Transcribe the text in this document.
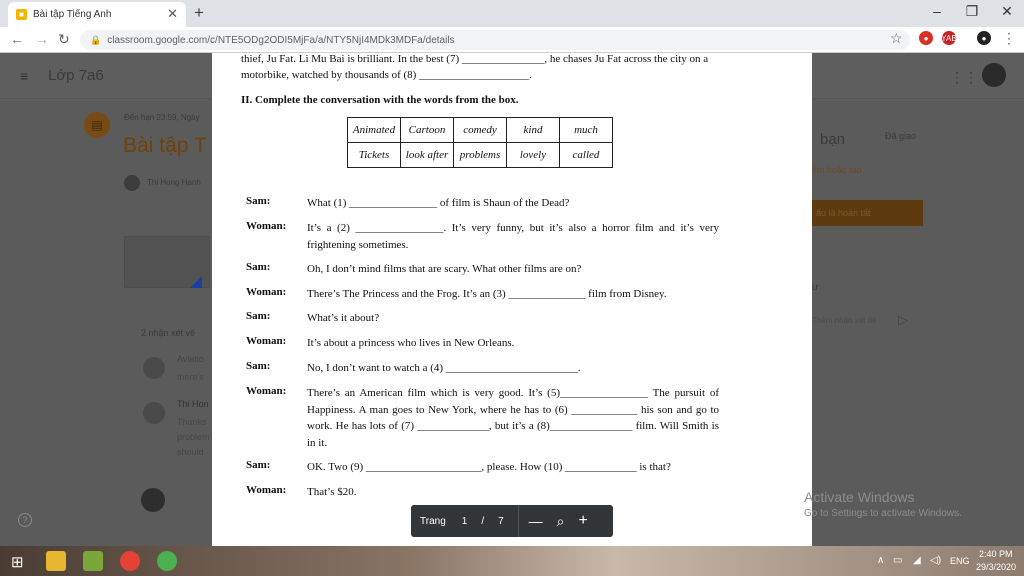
■ Bài tập Tiếng Anh	✕ +	–	❐	✕
← → ↻ 🔒 classroom.google.com/c/NTE5ODg2ODI5MjFa/a/NTY5NjI4MDk3MDFa/details	☆	●	YAB	●	⋮
≡ Lớp 7a6	⋮⋮
▤
Đến hạn 23:59, Ngày
Bài tập T
Thi Hong Hanh
2 nhận xét về
Aviatio
there's
Thi Hon
Thanks
problem
should
?
bạn	Đã giao
êm hoặc tạo
ấu là hoàn tất
ư
Thêm nhận xét riê ▷
thief, Ju Fat. Li Mu Bai is brilliant. In the best (7) _______________, he chases Ju Fat across the city on a
motorbike, watched by thousands of (8) ____________________.
II. Complete the conversation with the words from the box.
Animated	Cartoon	comedy	kind	much
Tickets	look after	problems	lovely	called
Sam:	What (1) ________________ of film is Shaun of the Dead?
Woman:	It’s a (2) ________________. It’s very funny, but it’s also a horror film and it’s very frightening sometimes.
Sam:	Oh, I don’t mind films that are scary. What other films are on?
Woman:	There’s The Princess and the Frog. It’s an (3) ______________ film from Disney.
Sam:	What’s it about?
Woman:	It’s about a princess who lives in New Orleans.
Sam:	No, I don’t want to watch a (4) ________________________.
Woman:	There’s an American film which is very good. It’s (5)________________ The pursuit of Happiness. A man goes to New York, where he has to (6) ____________ his son and go to work. He has lots of (7) _____________, but it’s a (8)_______________ film. Will Smith is in it.
Sam:	OK. Two (9) _____________________, please. How (10) _____________ is that?
Woman:	That’s $20.
Trang 1 / 7 — ⌕ +
Activate Windows
Go to Settings to activate Windows.
⊞	∧ ▭ ◢ ◁) ENG
2:40 PM
29/3/2020
